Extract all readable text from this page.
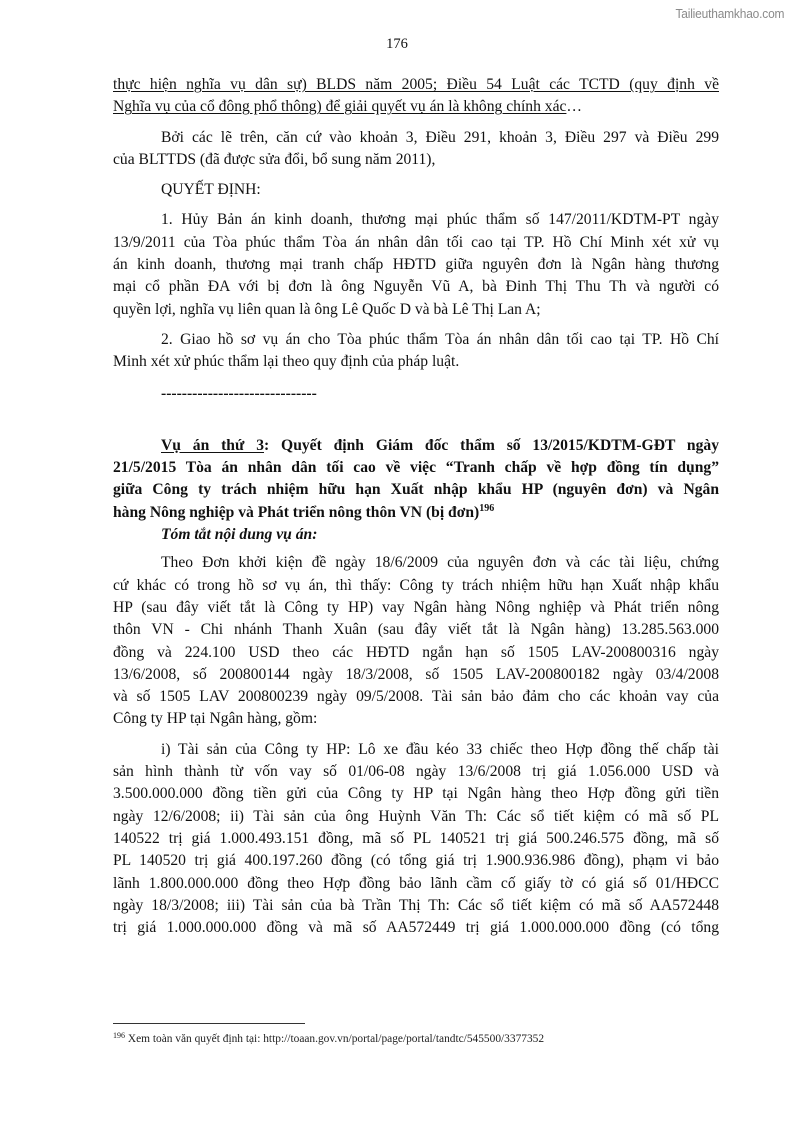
Tailieuthamkhao.com
176

thực hiện nghĩa vụ dân sự) BLDS năm 2005; Điều 54 Luật các TCTD (quy định về
Nghĩa vụ của cổ đông phổ thông) để giải quyết vụ án là không chính xác…

Bởi các lẽ trên, căn cứ vào khoản 3, Điều 291, khoản 3, Điều 297 và Điều 299
của BLTTDS (đã được sửa đổi, bổ sung năm 2011),

QUYẾT ĐỊNH:

1. Hủy Bản án kinh doanh, thương mại phúc thẩm số 147/2011/KDTM-PT ngày
13/9/2011 của Tòa phúc thẩm Tòa án nhân dân tối cao tại TP. Hồ Chí Minh xét xử vụ
án kinh doanh, thương mại tranh chấp HĐTD giữa nguyên đơn là Ngân hàng thương
mại cổ phần ĐA với bị đơn là ông Nguyễn Vũ A, bà Đinh Thị Thu Th và người có
quyền lợi, nghĩa vụ liên quan là ông Lê Quốc D và bà Lê Thị Lan A;

2. Giao hồ sơ vụ án cho Tòa phúc thẩm Tòa án nhân dân tối cao tại TP. Hồ Chí
Minh xét xử phúc thẩm lại theo quy định của pháp luật.

------------------------------

Vụ án thứ 3: Quyết định Giám đốc thẩm số 13/2015/KDTM-GĐT ngày
21/5/2015 Tòa án nhân dân tối cao về việc “Tranh chấp về hợp đồng tín dụng”
giữa Công ty trách nhiệm hữu hạn Xuất nhập khẩu HP (nguyên đơn) và Ngân
hàng Nông nghiệp và Phát triển nông thôn VN (bị đơn)$^{196}$
Tóm tắt nội dung vụ án:

Theo Đơn khởi kiện đề ngày 18/6/2009 của nguyên đơn và các tài liệu, chứng
cứ khác có trong hồ sơ vụ án, thì thấy: Công ty trách nhiệm hữu hạn Xuất nhập khẩu
HP (sau đây viết tắt là Công ty HP) vay Ngân hàng Nông nghiệp và Phát triển nông
thôn VN - Chi nhánh Thanh Xuân (sau đây viết tắt là Ngân hàng) 13.285.563.000
đồng và 224.100 USD theo các HĐTD ngắn hạn số 1505 LAV-200800316 ngày
13/6/2008, số 200800144 ngày 18/3/2008, số 1505 LAV-200800182 ngày 03/4/2008
và số 1505 LAV 200800239 ngày 09/5/2008. Tài sản bảo đảm cho các khoản vay của
Công ty HP tại Ngân hàng, gồm:

i) Tài sản của Công ty HP: Lô xe đầu kéo 33 chiếc theo Hợp đồng thế chấp tài
sản hình thành từ vốn vay số 01/06-08 ngày 13/6/2008 trị giá 1.056.000 USD và
3.500.000.000 đồng tiền gửi của Công ty HP tại Ngân hàng theo Hợp đồng gửi tiền
ngày 12/6/2008; ii) Tài sản của ông Huỳnh Văn Th: Các sổ tiết kiệm có mã số PL
140522 trị giá 1.000.493.151 đồng, mã số PL 140521 trị giá 500.246.575 đồng, mã số
PL 140520 trị giá 400.197.260 đồng (có tổng giá trị 1.900.936.986 đồng), phạm vi bảo
lãnh 1.800.000.000 đồng theo Hợp đồng bảo lãnh cầm cố giấy tờ có giá số 01/HĐCC
ngày 18/3/2008; iii) Tài sản của bà Trần Thị Th: Các sổ tiết kiệm có mã số AA572448
trị giá 1.000.000.000 đồng và mã số AA572449 trị giá 1.000.000.000 đồng (có tổng

$^{196}$ Xem toàn văn quyết định tại: http://toaan.gov.vn/portal/page/portal/tandtc/545500/3377352
